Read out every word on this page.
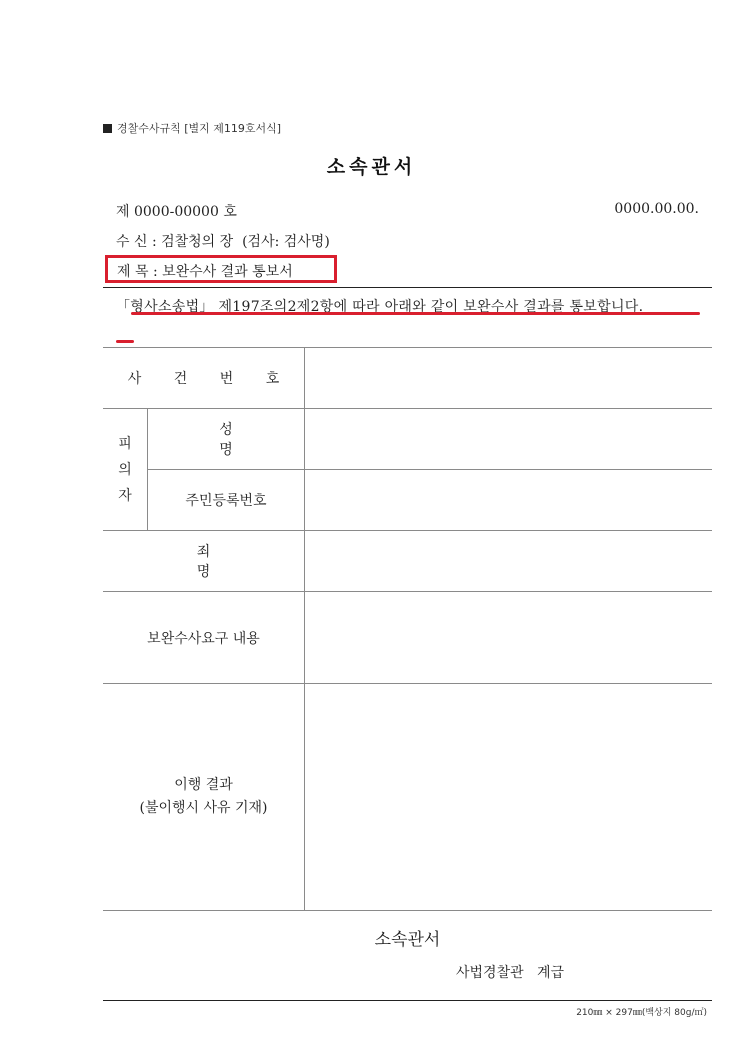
경찰수사규칙 [별지 제119호서식]
소속관서
제 0000-00000 호	0000.00.00.
수 신 : 검찰청의 장  (검사: 검사명)
제 목 : 보완수사 결과 통보서
「형사소송법」 제197조의2제2항에 따라 아래와 같이 보완수사 결과를 통보합니다.
사 건 번 호		

피
의
자	성 명	
	주민등록번호	
죄 명		
보완수사요구 내용		

이행 결과
(불이행시 사유 기재)		

소속관서
사법경찰관   계급
210㎜ × 297㎜(백상지 80g/㎡)
